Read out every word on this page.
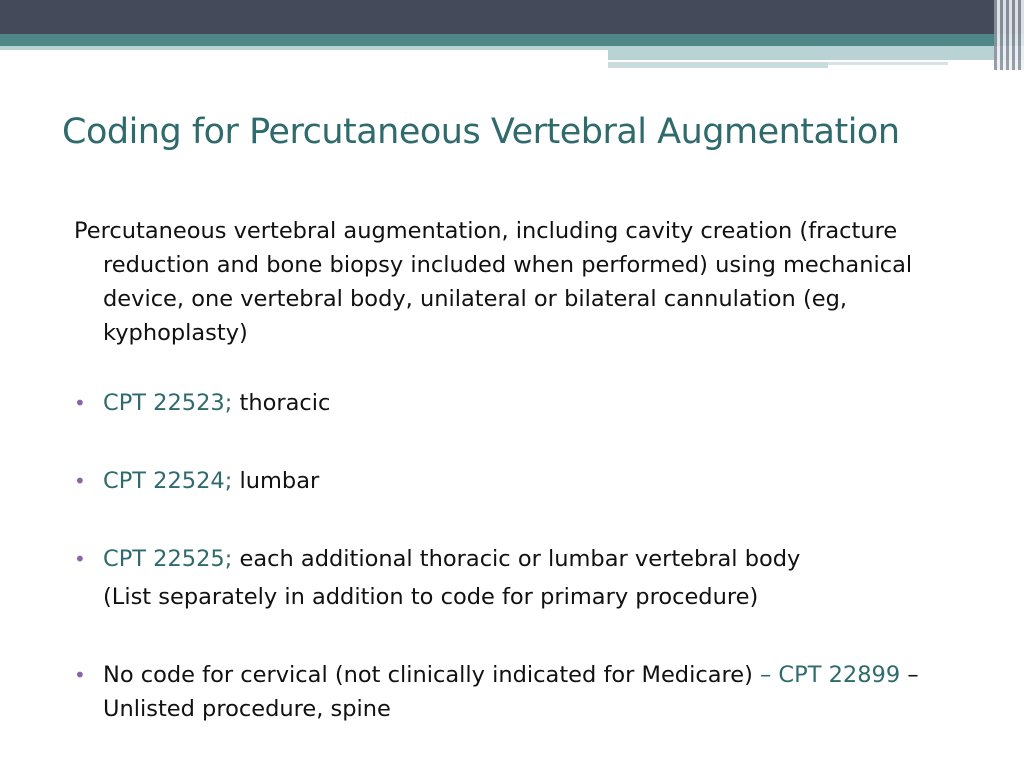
Coding for Percutaneous Vertebral Augmentation

Percutaneous vertebral augmentation, including cavity creation (fracture reduction and bone biopsy included when performed) using mechanical device, one vertebral body, unilateral or bilateral cannulation (eg, kyphoplasty)

• CPT 22523; thoracic
• CPT 22524; lumbar
• CPT 22525; each additional thoracic or lumbar vertebral body

(List separately in addition to code for primary procedure)

• No code for cervical (not clinically indicated for Medicare) – CPT 22899 – Unlisted procedure, spine
